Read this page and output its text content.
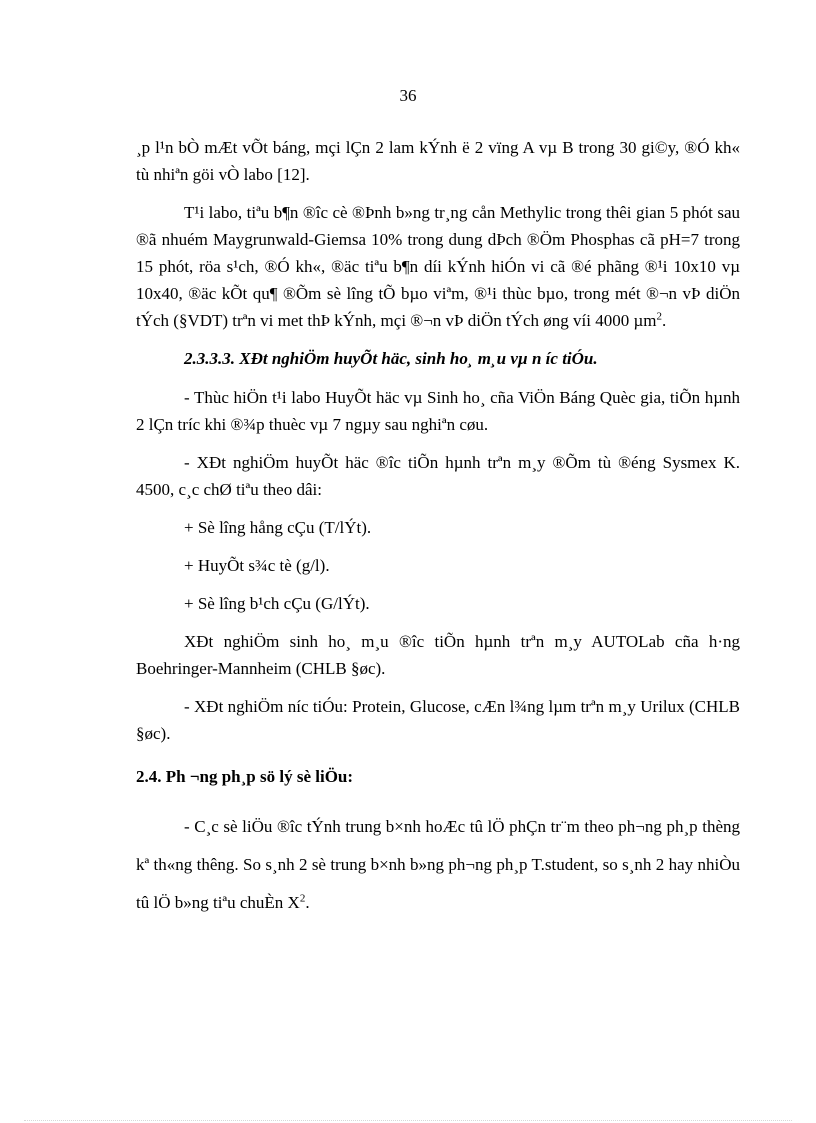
36

¸p l¹n bÒ mÆt vÕt báng, mçi lÇn 2 lam kÝnh ë 2 vïng A vµ B trong 30 gi©y, ®Ó kh« tù nhiªn göi vÒ labo [12].

T¹i labo, tiªu b¶n ®îc cè ®Þnh b»ng tr¸ng cån Methylic trong thêi gian 5 phót sau ®ã nhuém Maygrunwald-Giemsa 10% trong dung dÞch ®Öm Phosphas cã pH=7 trong 15 phót, röa s¹ch, ®Ó kh«, ®äc tiªu b¶n díi kÝnh hiÓn vi cã ®é phãng ®¹i 10x10 vµ 10x40, ®äc kÕt qu¶ ®Õm sè lîng tÕ bµo viªm, ®¹i thùc bµo, trong mét ®¬n vÞ diÖn tÝch (§VDT) trªn vi met thÞ kÝnh, mçi ®¬n vÞ diÖn tÝch øng víi 4000 µm$^2$.

2.3.3.3. XÐt nghiÖm huyÕt häc, sinh ho¸ m¸u vµ n íc tiÓu.

- Thùc hiÖn t¹i labo HuyÕt häc vµ Sinh ho¸ cña ViÖn Báng Quèc gia, tiÕn hµnh 2 lÇn tríc khi ®¾p thuèc vµ 7 ngµy sau nghiªn cøu.

- XÐt nghiÖm huyÕt häc ®îc tiÕn hµnh trªn m¸y ®Õm tù ®éng Sysmex K. 4500, c¸c chØ tiªu theo dâi:

+ Sè lîng hång cÇu (T/lÝt).

+ HuyÕt s¾c tè (g/l).

+ Sè lîng b¹ch cÇu (G/lÝt).

XÐt nghiÖm sinh ho¸ m¸u ®îc tiÕn hµnh trªn m¸y AUTOLab cña h·ng Boehringer-Mannheim (CHLB §øc).

- XÐt nghiÖm níc tiÓu: Protein, Glucose, cÆn l¾ng lµm trªn m¸y Urilux (CHLB §øc).

2.4. Ph ¬ng ph¸p sö lý sè liÖu:

- C¸c sè liÖu ®îc tÝnh trung b×nh hoÆc tû lÖ phÇn tr¨m theo ph¬ng ph¸p thèng kª th«ng thêng. So s¸nh 2 sè trung b×nh b»ng ph¬ng ph¸p T.student, so s¸nh 2 hay nhiÒu tû lÖ b»ng tiªu chuÈn $X^2$.
